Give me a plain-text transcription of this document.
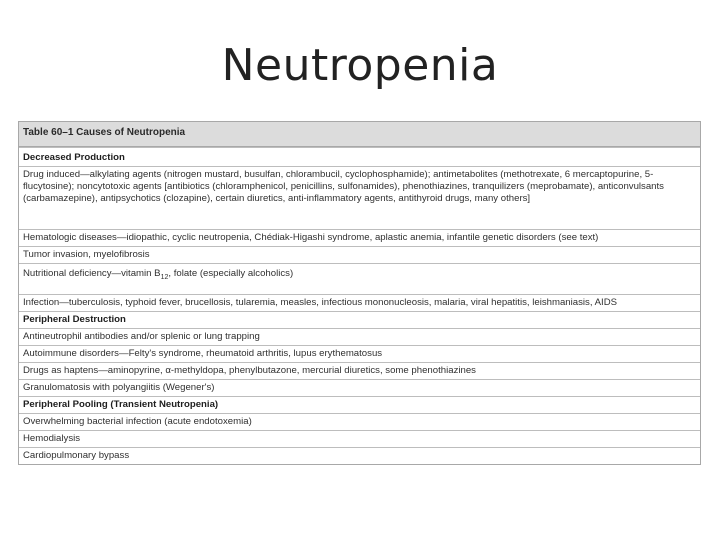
Neutropenia
Table 60–1 Causes of Neutropenia
Decreased Production
Drug induced—alkylating agents (nitrogen mustard, busulfan, chlorambucil, cyclophosphamide); antimetabolites (methotrexate, 6 mercaptopurine, 5-flucytosine); noncytotoxic agents [antibiotics (chloramphenicol, penicillins, sulfonamides), phenothiazines, tranquilizers (meprobamate), anticonvulsants (carbamazepine), antipsychotics (clozapine), certain diuretics, anti-inflammatory agents, antithyroid drugs, many others]
Hematologic diseases—idiopathic, cyclic neutropenia, Chédiak-Higashi syndrome, aplastic anemia, infantile genetic disorders (see text)
Tumor invasion, myelofibrosis
Nutritional deficiency—vitamin $B_{12}$, folate (especially alcoholics)
Infection—tuberculosis, typhoid fever, brucellosis, tularemia, measles, infectious mononucleosis, malaria, viral hepatitis, leishmaniasis, AIDS
Peripheral Destruction
Antineutrophil antibodies and/or splenic or lung trapping
Autoimmune disorders—Felty's syndrome, rheumatoid arthritis, lupus erythematosus
Drugs as haptens—aminopyrine, α-methyldopa, phenylbutazone, mercurial diuretics, some phenothiazines
Granulomatosis with polyangiitis (Wegener's)
Peripheral Pooling (Transient Neutropenia)
Overwhelming bacterial infection (acute endotoxemia)
Hemodialysis
Cardiopulmonary bypass
